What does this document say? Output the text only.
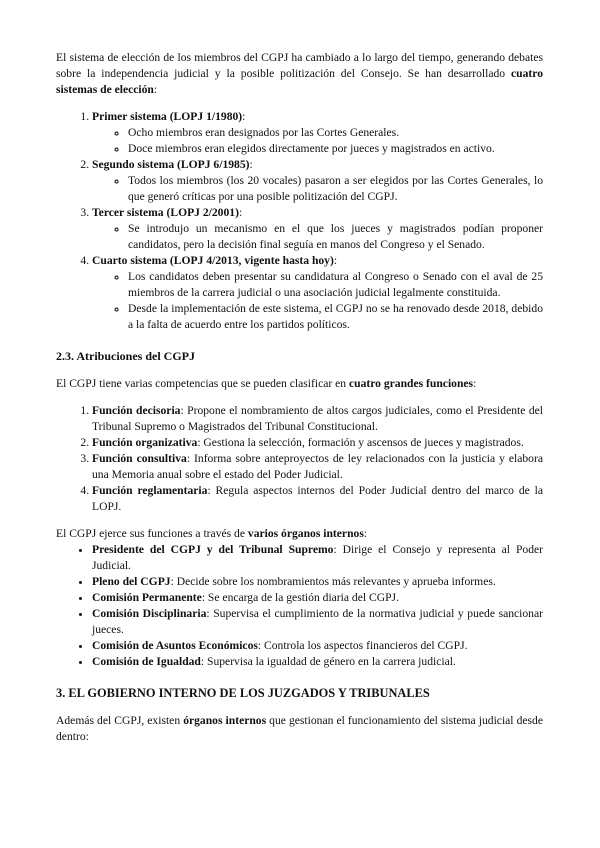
El sistema de elección de los miembros del CGPJ ha cambiado a lo largo del tiempo, generando debates sobre la independencia judicial y la posible politización del Consejo. Se han desarrollado cuatro sistemas de elección:

1. Primer sistema (LOPJ 1/1980):
◦ Ocho miembros eran designados por las Cortes Generales.
◦ Doce miembros eran elegidos directamente por jueces y magistrados en activo.
2. Segundo sistema (LOPJ 6/1985):
◦ Todos los miembros (los 20 vocales) pasaron a ser elegidos por las Cortes Generales, lo que generó críticas por una posible politización del CGPJ.
3. Tercer sistema (LOPJ 2/2001):
◦ Se introdujo un mecanismo en el que los jueces y magistrados podían proponer candidatos, pero la decisión final seguía en manos del Congreso y el Senado.
4. Cuarto sistema (LOPJ 4/2013, vigente hasta hoy):
◦ Los candidatos deben presentar su candidatura al Congreso o Senado con el aval de 25 miembros de la carrera judicial o una asociación judicial legalmente constituida.
◦ Desde la implementación de este sistema, el CGPJ no se ha renovado desde 2018, debido a la falta de acuerdo entre los partidos políticos.
2.3. Atribuciones del CGPJ

El CGPJ tiene varias competencias que se pueden clasificar en cuatro grandes funciones:

1. Función decisoria: Propone el nombramiento de altos cargos judiciales, como el Presidente del Tribunal Supremo o Magistrados del Tribunal Constitucional.
2. Función organizativa: Gestiona la selección, formación y ascensos de jueces y magistrados.
3. Función consultiva: Informa sobre anteproyectos de ley relacionados con la justicia y elabora una Memoria anual sobre el estado del Poder Judicial.
4. Función reglamentaria: Regula aspectos internos del Poder Judicial dentro del marco de la LOPJ.

El CGPJ ejerce sus funciones a través de varios órganos internos:

• Presidente del CGPJ y del Tribunal Supremo: Dirige el Consejo y representa al Poder Judicial.
• Pleno del CGPJ: Decide sobre los nombramientos más relevantes y aprueba informes.
• Comisión Permanente: Se encarga de la gestión diaria del CGPJ.
• Comisión Disciplinaria: Supervisa el cumplimiento de la normativa judicial y puede sancionar jueces.
• Comisión de Asuntos Económicos: Controla los aspectos financieros del CGPJ.
• Comisión de Igualdad: Supervisa la igualdad de género en la carrera judicial.
3. EL GOBIERNO INTERNO DE LOS JUZGADOS Y TRIBUNALES

Además del CGPJ, existen órganos internos que gestionan el funcionamiento del sistema judicial desde dentro:
